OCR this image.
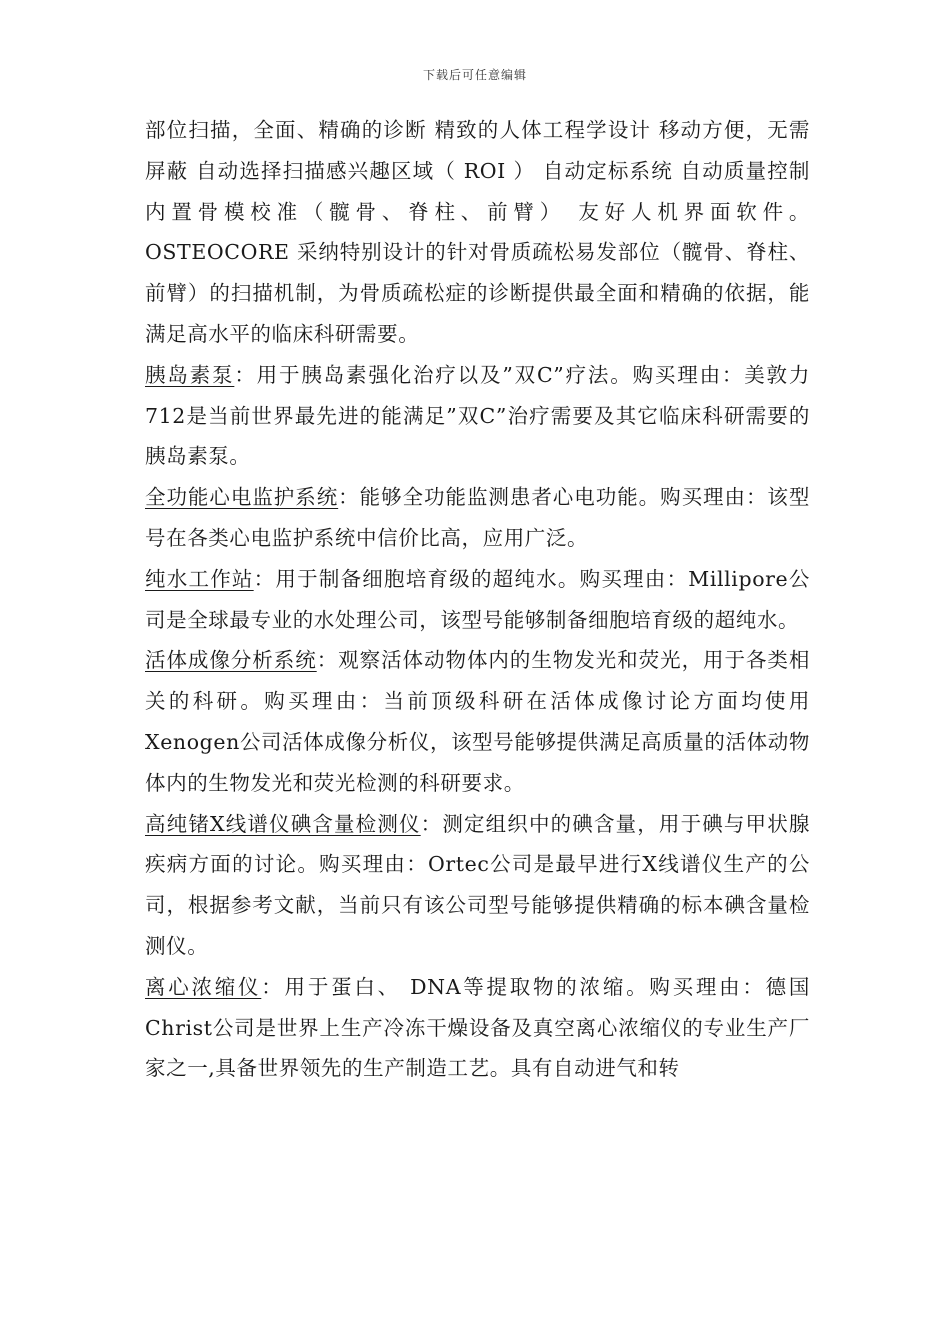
下载后可任意编辑

部位扫描，全面、精确的诊断 精致的人体工程学设计 移动方便，无需屏蔽 自动选择扫描感兴趣区域（ ROI ） 自动定标系统 自动质量控制 内置骨模校准（髋骨、脊柱、前臂） 友好人机界面软件。OSTEOCORE 采纳特别设计的针对骨质疏松易发部位（髋骨、脊柱、前臂）的扫描机制，为骨质疏松症的诊断提供最全面和精确的依据，能满足高水平的临床科研需要。

胰岛素泵：用于胰岛素强化治疗以及”双C”疗法。购买理由：美敦力712是当前世界最先进的能满足”双C”治疗需要及其它临床科研需要的胰岛素泵。

全功能心电监护系统：能够全功能监测患者心电功能。购买理由：该型号在各类心电监护系统中信价比高，应用广泛。

纯水工作站：用于制备细胞培育级的超纯水。购买理由：Millipore公司是全球最专业的水处理公司，该型号能够制备细胞培育级的超纯水。

活体成像分析系统：观察活体动物体内的生物发光和荧光，用于各类相关的科研。购买理由：当前顶级科研在活体成像讨论方面均使用Xenogen公司活体成像分析仪，该型号能够提供满足高质量的活体动物体内的生物发光和荧光检测的科研要求。

高纯锗X线谱仪碘含量检测仪：测定组织中的碘含量，用于碘与甲状腺疾病方面的讨论。购买理由：Ortec公司是最早进行X线谱仪生产的公司，根据参考文献，当前只有该公司型号能够提供精确的标本碘含量检测仪。

离心浓缩仪：用于蛋白、 DNA等提取物的浓缩。购买理由：德国Christ公司是世界上生产冷冻干燥设备及真空离心浓缩仪的专业生产厂家之一,具备世界领先的生产制造工艺。具有自动进气和转
